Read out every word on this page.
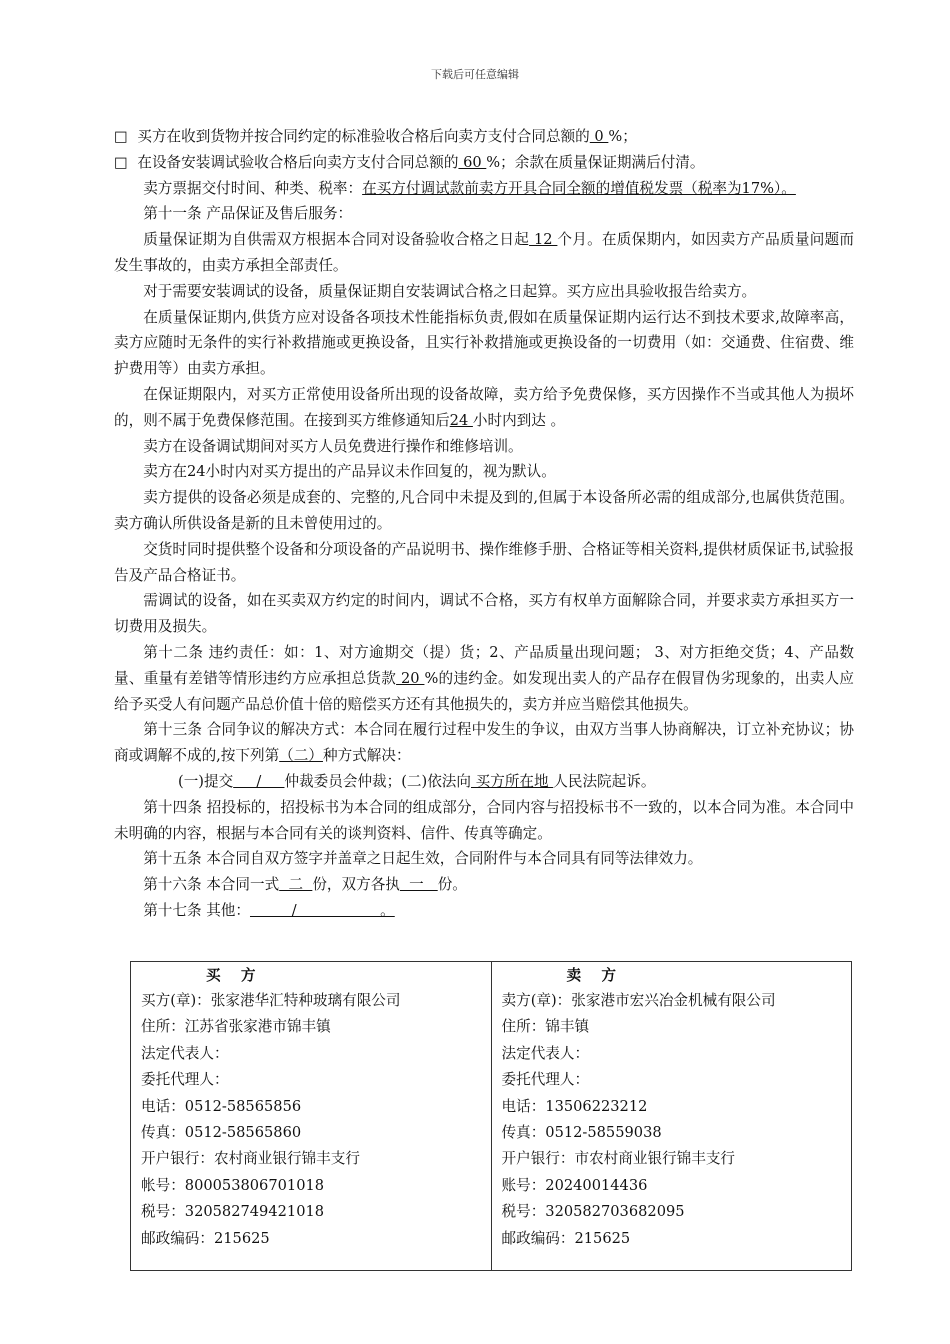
下载后可任意编辑

□ 买方在收到货物并按合同约定的标准验收合格后向卖方支付合同总额的 0 %；

□ 在设备安装调试验收合格后向卖方支付合同总额的 60 %；余款在质量保证期满后付清。

卖方票据交付时间、种类、税率：在买方付调试款前卖方开具合同全额的增值税发票（税率为17%）。

第十一条 产品保证及售后服务：

质量保证期为自供需双方根据本合同对设备验收合格之日起 12 个月。在质保期内，如因卖方产品质量问题而发生事故的，由卖方承担全部责任。

对于需要安装调试的设备，质量保证期自安装调试合格之日起算。买方应出具验收报告给卖方。

在质量保证期内,供货方应对设备各项技术性能指标负责,假如在质量保证期内运行达不到技术要求,故障率高，卖方应随时无条件的实行补救措施或更换设备，且实行补救措施或更换设备的一切费用（如：交通费、住宿费、维护费用等）由卖方承担。

在保证期限内，对买方正常使用设备所出现的设备故障，卖方给予免费保修，买方因操作不当或其他人为损坏的，则不属于免费保修范围。在接到买方维修通知后24 小时内到达 。

卖方在设备调试期间对买方人员免费进行操作和维修培训。

卖方在24小时内对买方提出的产品异议未作回复的，视为默认。

卖方提供的设备必须是成套的、完整的,凡合同中未提及到的,但属于本设备所必需的组成部分,也属供货范围。卖方确认所供设备是新的且未曾使用过的。

交货时同时提供整个设备和分项设备的产品说明书、操作维修手册、合格证等相关资料,提供材质保证书,试验报告及产品合格证书。

需调试的设备，如在买卖双方约定的时间内，调试不合格，买方有权单方面解除合同，并要求卖方承担买方一切费用及损失。

第十二条 违约责任：如：1、对方逾期交（提）货；2、产品质量出现问题； 3、对方拒绝交货；4、产品数量、重量有差错等情形违约方应承担总货款 20 %的违约金。如发现出卖人的产品存在假冒伪劣现象的，出卖人应给予买受人有问题产品总价值十倍的赔偿买方还有其他损失的，卖方并应当赔偿其他损失。

第十三条 合同争议的解决方式：本合同在履行过程中发生的争议，由双方当事人协商解决，订立补充协议；协商或调解不成的,按下列第（二）种方式解决：

(一)提交     /     仲裁委员会仲裁；(二)依法向 买方所在地 人民法院起诉。

第十四条 招投标的，招投标书为本合同的组成部分，合同内容与招投标书不一致的，以本合同为准。本合同中未明确的内容，根据与本合同有关的谈判资料、信件、传真等确定。

第十五条 本合同自双方签字并盖章之日起生效，合同附件与本合同具有同等法律效力。

第十六条 本合同一式  二  份，双方各执  一   份。

第十七条 其他：         /                  。

买    方
买方(章)：张家港华汇特种玻璃有限公司
住所：江苏省张家港市锦丰镇
法定代表人：
委托代理人：
电话：0512-58565856
传真：0512-58565860
开户银行：农村商业银行锦丰支行
帐号：800053806701018
税号：320582749421018
邮政编码：215625

卖    方
卖方(章)：张家港市宏兴冶金机械有限公司
住所：锦丰镇
法定代表人：
委托代理人：
电话：13506223212
传真：0512-58559038
开户银行：市农村商业银行锦丰支行
账号：20240014436
税号：320582703682095
邮政编码：215625
